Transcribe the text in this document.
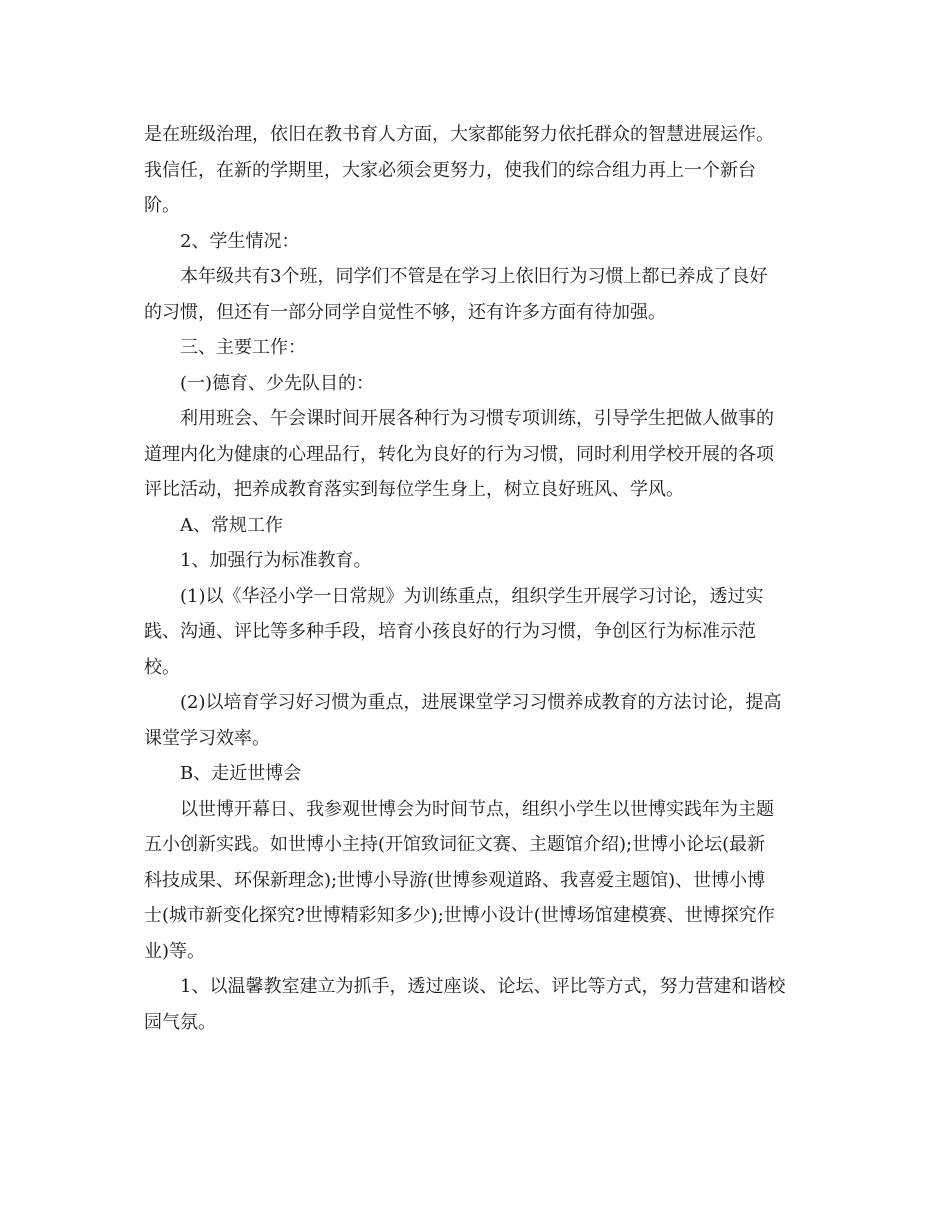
是在班级治理，依旧在教书育人方面，大家都能努力依托群众的智慧进展运作。
我信任，在新的学期里，大家必须会更努力，使我们的综合组力再上一个新台
阶。
2、学生情况：
本年级共有3个班，同学们不管是在学习上依旧行为习惯上都已养成了良好
的习惯，但还有一部分同学自觉性不够，还有许多方面有待加强。
三、主要工作：
(一)德育、少先队目的：
利用班会、午会课时间开展各种行为习惯专项训练，引导学生把做人做事的
道理内化为健康的心理品行，转化为良好的行为习惯，同时利用学校开展的各项
评比活动，把养成教育落实到每位学生身上，树立良好班风、学风。
A、常规工作
1、加强行为标准教育。
(1)以《华泾小学一日常规》为训练重点，组织学生开展学习讨论，透过实
践、沟通、评比等多种手段，培育小孩良好的行为习惯，争创区行为标准示范
校。
(2)以培育学习好习惯为重点，进展课堂学习习惯养成教育的方法讨论，提高
课堂学习效率。
B、走近世博会
以世博开幕日、我参观世博会为时间节点，组织小学生以世博实践年为主题
五小创新实践。如世博小主持(开馆致词征文赛、主题馆介绍);世博小论坛(最新
科技成果、环保新理念);世博小导游(世博参观道路、我喜爱主题馆)、世博小博
士(城市新变化探究?世博精彩知多少);世博小设计(世博场馆建模赛、世博探究作
业)等。
1、以温馨教室建立为抓手，透过座谈、论坛、评比等方式，努力营建和谐校
园气氛。
